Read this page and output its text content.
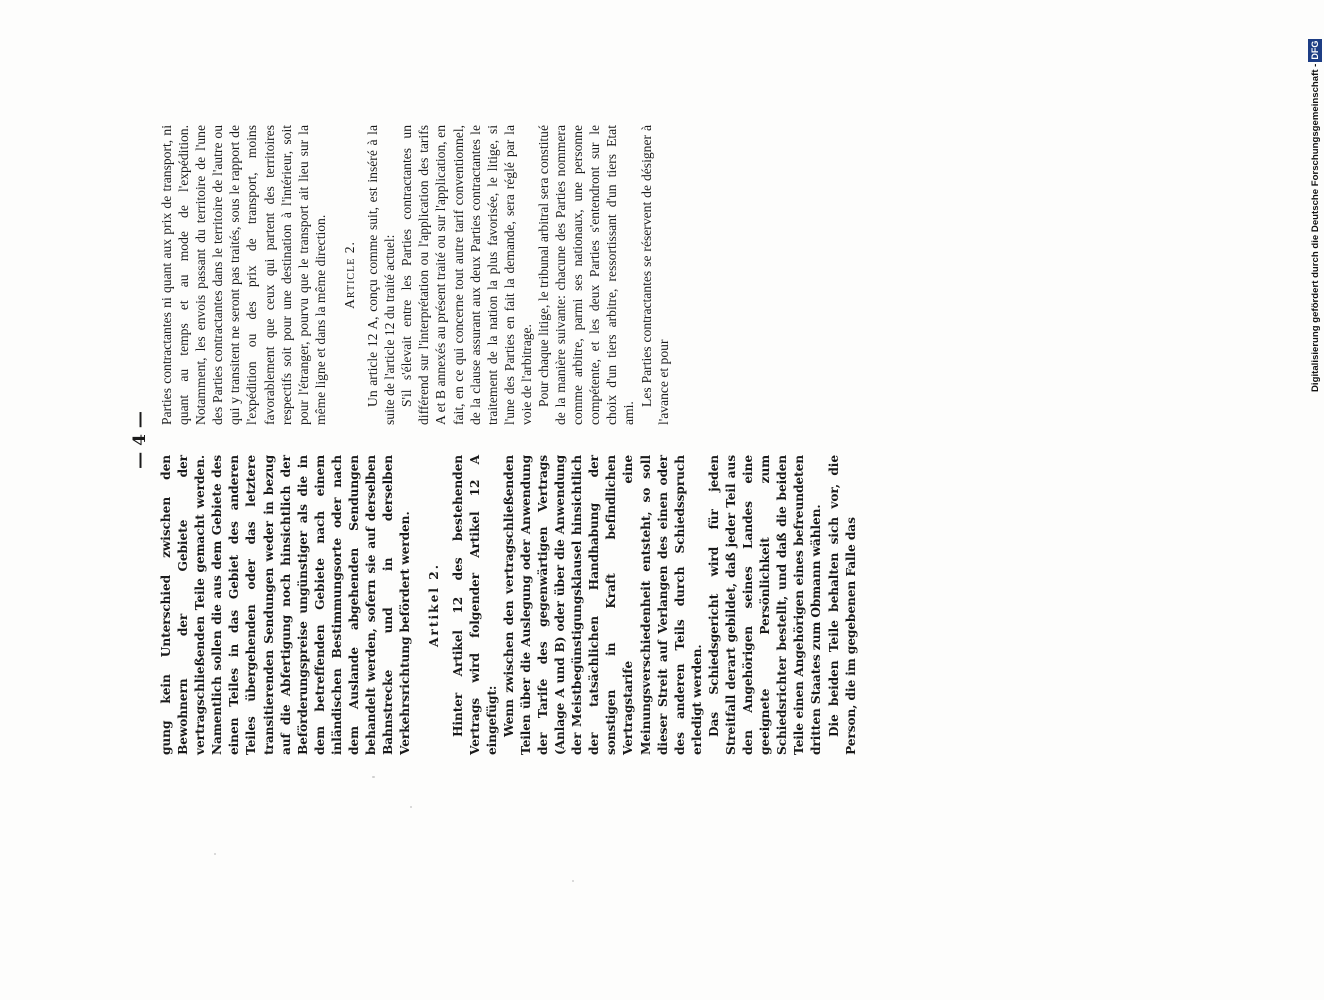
— 4 —

gung kein Unterschied zwischen den Bewohnern der Gebiete der vertragschließenden Teile gemacht werden. Namentlich sollen die aus dem Gebiete des einen Teiles in das Gebiet des anderen Teiles übergehenden oder das letztere transitierenden Sendungen weder in bezug auf die Abfertigung noch hinsichtlich der Beförderungspreise ungünstiger als die in dem betreffenden Gebiete nach einem inländischen Bestimmungsorte oder nach dem Auslande abgehenden Sendungen behandelt werden, sofern sie auf derselben Bahnstrecke und in derselben Verkehrsrichtung befördert werden. Artikel 2. Hinter Artikel 12 des bestehenden Vertrags wird folgender Artikel 12 A eingefügt: Wenn zwischen den vertragschließenden Teilen über die Auslegung oder Anwendung der Tarife des gegenwärtigen Vertrags (Anlage A und B) oder über die Anwendung der Meistbegünstigungsklausel hinsichtlich der tatsächlichen Handhabung der sonstigen in Kraft befindlichen Vertragstarife eine Meinungsverschiedenheit entsteht, so soll dieser Streit auf Verlangen des einen oder des anderen Teils durch Schiedsspruch erledigt werden. Das Schiedsgericht wird für jeden Streitfall derart gebildet, daß jeder Teil aus den Angehörigen seines Landes eine geeignete Persönlichkeit zum Schiedsrichter bestellt, und daß die beiden Teile einen Angehörigen eines befreundeten dritten Staates zum Obmann wählen. Die beiden Teile behalten sich vor, die Person, die im gegebenen Falle das

Parties contractantes ni quant aux prix de transport, ni quant au temps et au mode de l'expédition. Notamment, les envois passant du territoire de l'une des Parties contractantes dans le territoire de l'autre ou qui y transitent ne seront pas traités, sous le rapport de l'expédition ou des prix de transport, moins favorablement que ceux qui partent des territoires respectifs soit pour une destination à l'intérieur, soit pour l'étranger, pourvu que le transport ait lieu sur la même ligne et dans la même direction. Article 2. Un article 12 A, conçu comme suit, est inséré à la suite de l'article 12 du traité actuel: S'il s'élevait entre les Parties contractantes un différend sur l'interprétation ou l'application des tarifs A et B annexés au présent traité ou sur l'application, en fait, en ce qui concerne tout autre tarif conventionnel, de la clause assurant aux deux Parties contractantes le traitement de la nation la plus favorisée, le litige, si l'une des Parties en fait la demande, sera réglé par la voie de l'arbitrage. Pour chaque litige, le tribunal arbitral sera constitué de la manière suivante: chacune des Parties nommera comme arbitre, parmi ses nationaux, une personne compétente, et les deux Parties s'entendront sur le choix d'un tiers arbitre, ressortissant d'un tiers Etat ami.

Les Parties contractantes se réservent de désigner à l'avance et pour	Digitalisierung gefördert durch die Deutsche Forschungsgemeinschaft -DFG
